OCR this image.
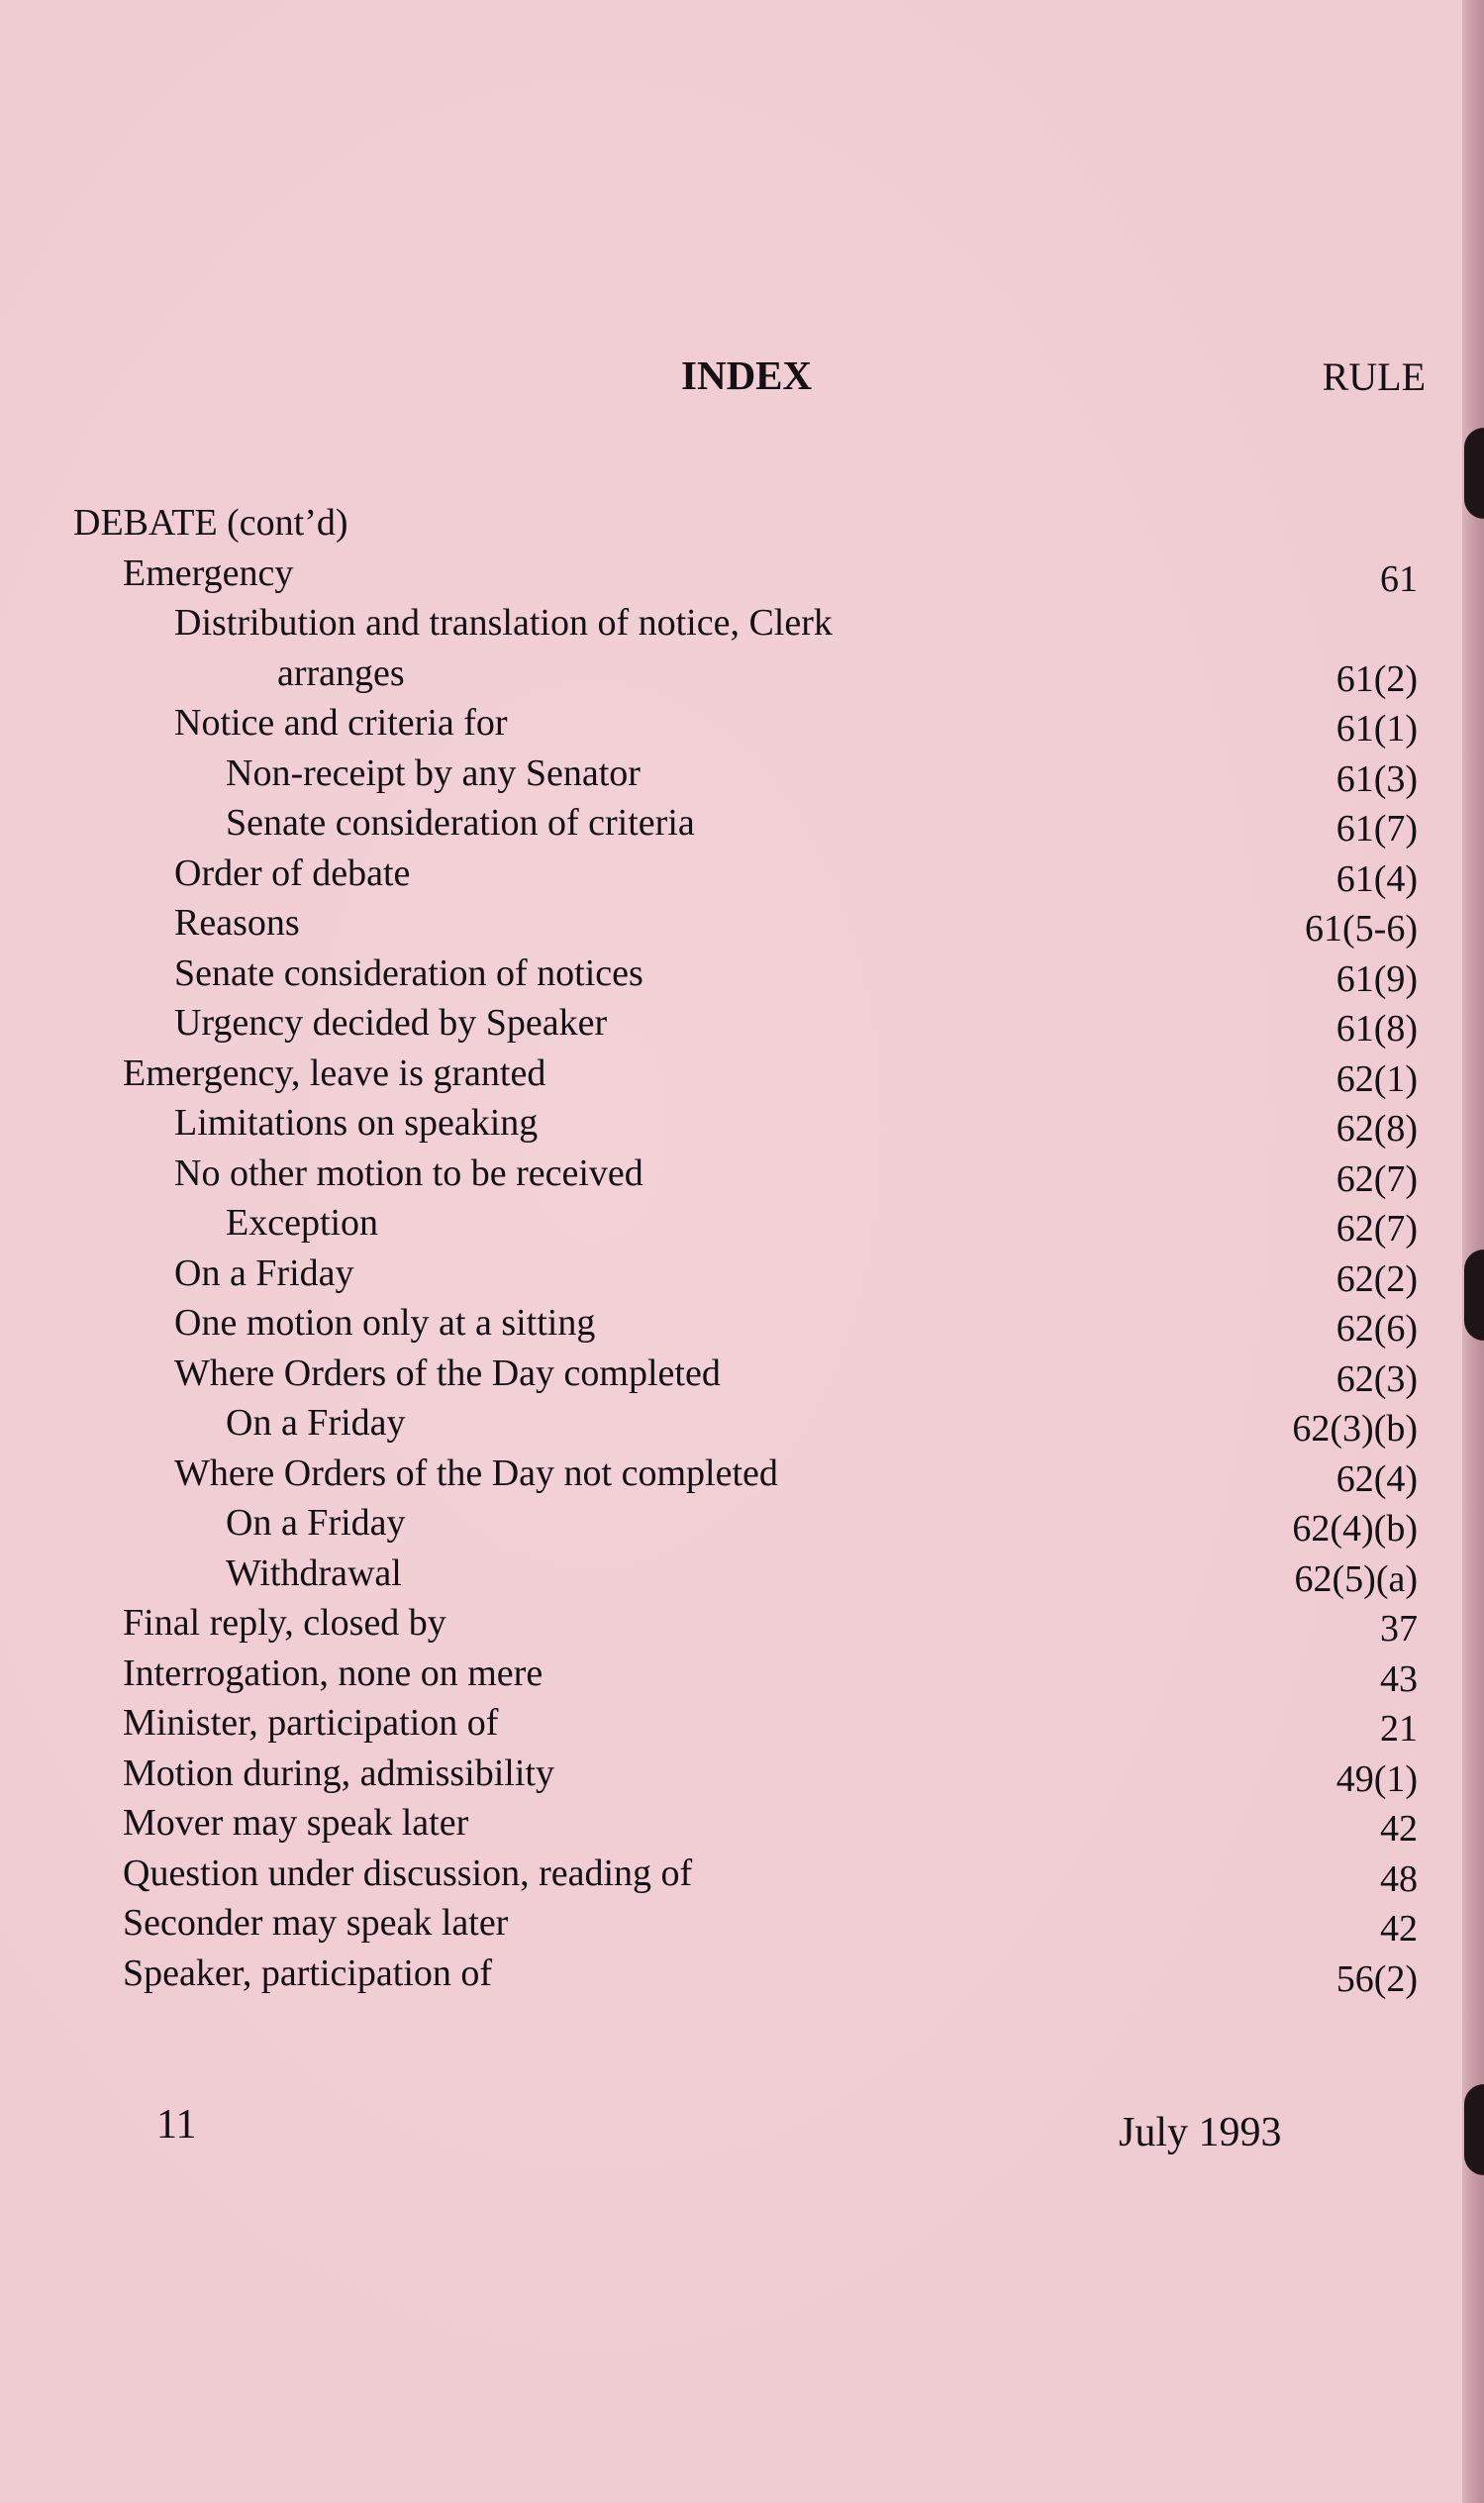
INDEX	RULE
DEBATE (cont’d)
Emergency	61
Distribution and translation of notice, Clerk
arranges	61(2)
Notice and criteria for	61(1)
Non-receipt by any Senator	61(3)
Senate consideration of criteria	61(7)
Order of debate	61(4)
Reasons	61(5-6)
Senate consideration of notices	61(9)
Urgency decided by Speaker	61(8)
Emergency, leave is granted	62(1)
Limitations on speaking	62(8)
No other motion to be received	62(7)
Exception	62(7)
On a Friday	62(2)
One motion only at a sitting	62(6)
Where Orders of the Day completed	62(3)
On a Friday	62(3)(b)
Where Orders of the Day not completed	62(4)
On a Friday	62(4)(b)
Withdrawal	62(5)(a)
Final reply, closed by	37
Interrogation, none on mere	43
Minister, participation of	21
Motion during, admissibility	49(1)
Mover may speak later	42
Question under discussion, reading of	48
Seconder may speak later	42
Speaker, participation of	56(2)
11	July 1993
